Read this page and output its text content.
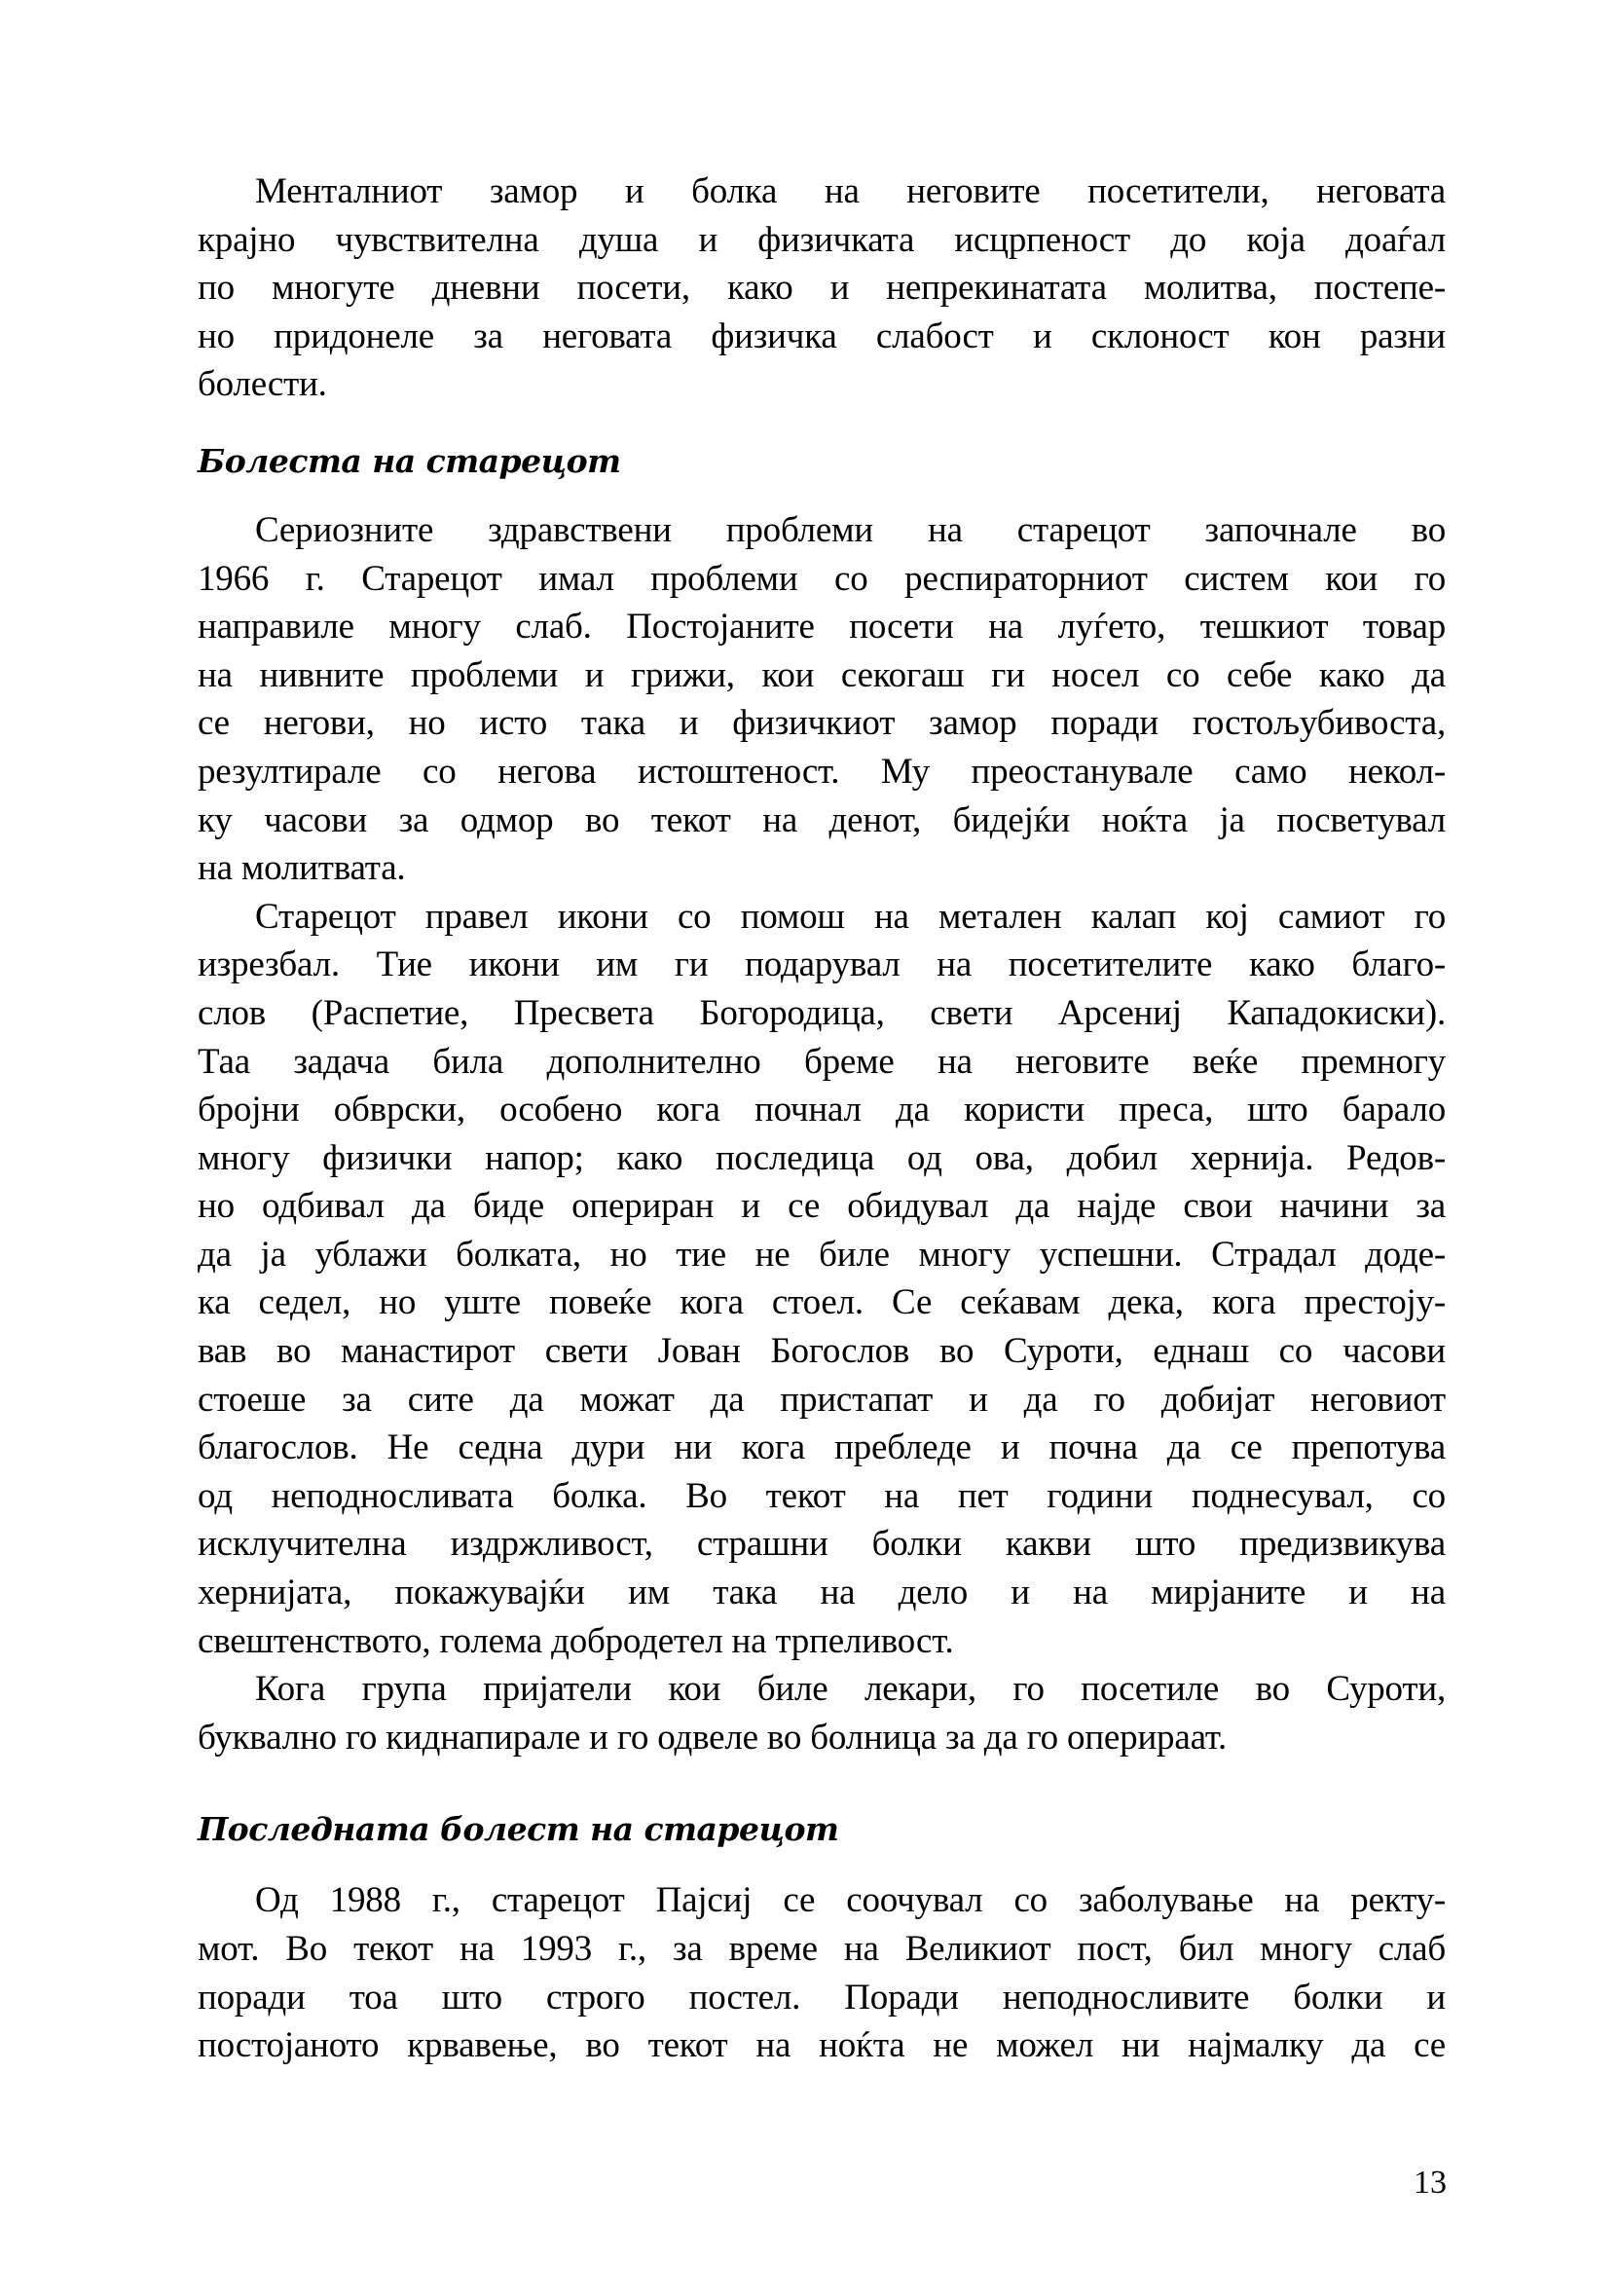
Менталниот замор и болка на неговите посетители, неговата
крајно чувствителна душа и физичката исцрпеност до која доаѓал
по многуте дневни посети, како и непрекинатата молитва, постепе-
но придонеле за неговата физичка слабост и склоност кон разни
болести.
Болеста на старецот
Сериозните здравствени проблеми на старецот започнале во
1966 г. Старецот имал проблеми со респираторниот систем кои го
направиле многу слаб. Постојаните посети на луѓето, тешкиот товар
на нивните проблеми и грижи, кои секогаш ги носел со себе како да
се негови, но исто така и физичкиот замор поради гостољубивоста,
резултирале со негова истоштеност. Му преостанувале само некол-
ку часови за одмор во текот на денот, бидејќи ноќта ја посветувал
на молитвата.
Старецот правел икони со помош на метален калап кој самиот го
изрезбал. Тие икони им ги подарувал на посетителите како благо-
слов (Распетие, Пресвета Богородица, свети Арсениј Кападокиски).
Таа задача била дополнително бреме на неговите веќе премногу
бројни обврски, особено кога почнал да користи преса, што барало
многу физички напор; како последица од ова, добил хернија. Редов-
но одбивал да биде опериран и се обидувал да најде свои начини за
да ја ублажи болката, но тие не биле многу успешни. Страдал доде-
ка седел, но уште повеќе кога стоел. Се сеќавам дека, кога престоју-
вав во манастирот свети Јован Богослов во Суроти, еднаш со часови
стоеше за сите да можат да пристапат и да го добијат неговиот
благослов. Не седна дури ни кога пребледе и почна да се препотува
од неподносливата болка. Во текот на пет години поднесувал, со
исклучителна издржливост, страшни болки какви што предизвикува
хернијата, покажувајќи им така на дело и на мирјаните и на
свештенството, голема добродетел на трпеливост.
Кога група пријатели кои биле лекари, го посетиле во Суроти,
буквално го киднапирале и го одвеле во болница за да го оперираат.
Последната болест на старецот
Од 1988 г., старецот Пајсиј се соочувал со заболување на ректу-
мот. Во текот на 1993 г., за време на Великиот пост, бил многу слаб
поради тоа што строго постел. Поради неподносливите болки и
постојаното крвавење, во текот на ноќта не можел ни најмалку да се
13
